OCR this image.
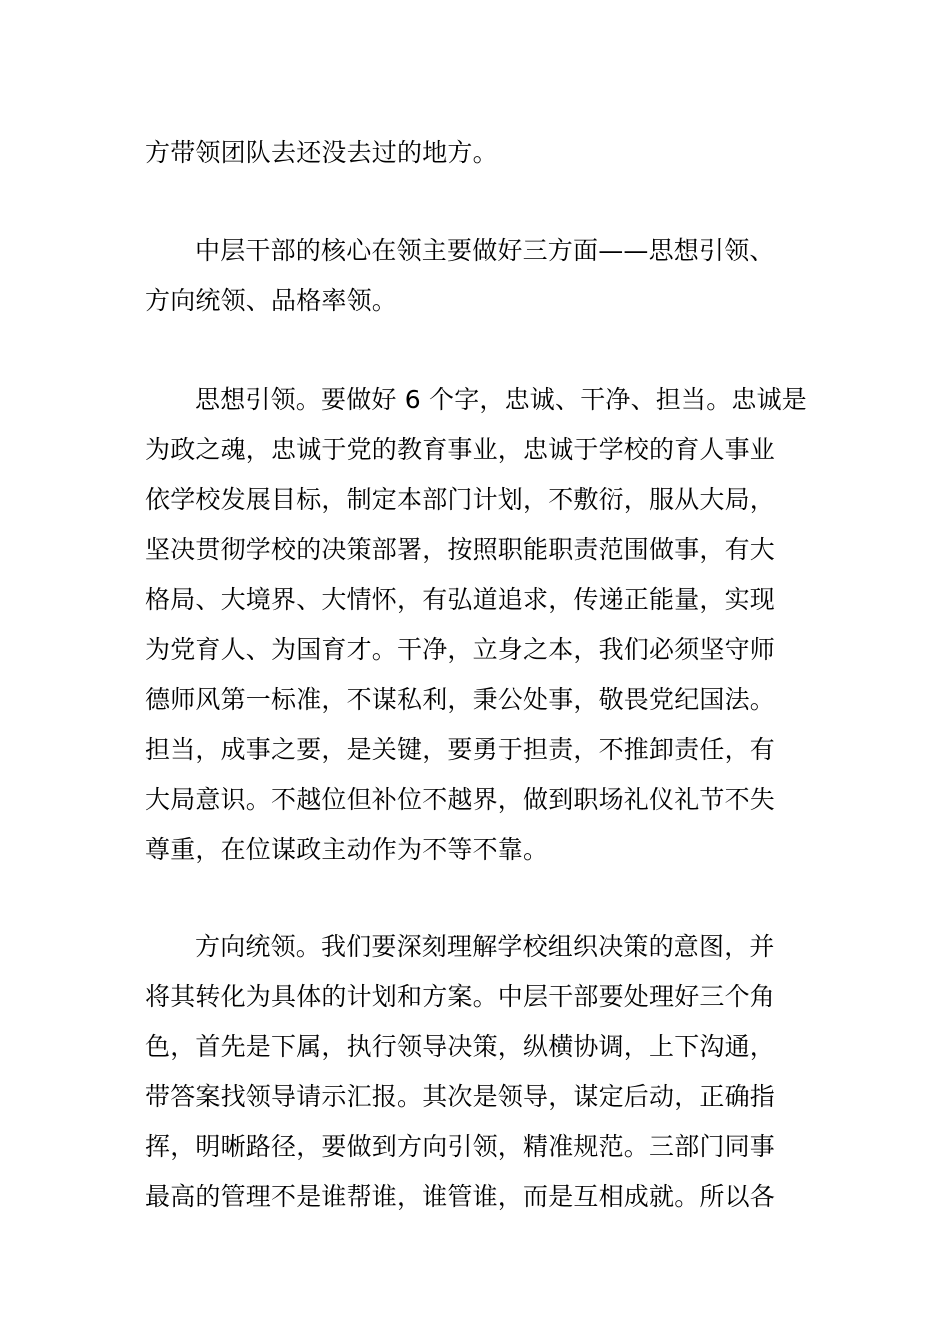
方带领团队去还没去过的地方。
中层干部的核心在领主要做好三方面——思想引领、
方向统领、品格率领。
思想引领。要做好 6 个字，忠诚、干净、担当。忠诚是
为政之魂，忠诚于党的教育事业，忠诚于学校的育人事业
依学校发展目标，制定本部门计划，不敷衍，服从大局，
坚决贯彻学校的决策部署，按照职能职责范围做事，有大
格局、大境界、大情怀，有弘道追求，传递正能量，实现
为党育人、为国育才。干净，立身之本，我们必须坚守师
德师风第一标准，不谋私利，秉公处事，敬畏党纪国法。
担当，成事之要，是关键，要勇于担责，不推卸责任，有
大局意识。不越位但补位不越界，做到职场礼仪礼节不失
尊重，在位谋政主动作为不等不靠。
方向统领。我们要深刻理解学校组织决策的意图，并
将其转化为具体的计划和方案。中层干部要处理好三个角
色，首先是下属，执行领导决策，纵横协调，上下沟通，
带答案找领导请示汇报。其次是领导，谋定后动，正确指
挥，明晰路径，要做到方向引领，精准规范。三部门同事
最高的管理不是谁帮谁，谁管谁，而是互相成就。所以各
